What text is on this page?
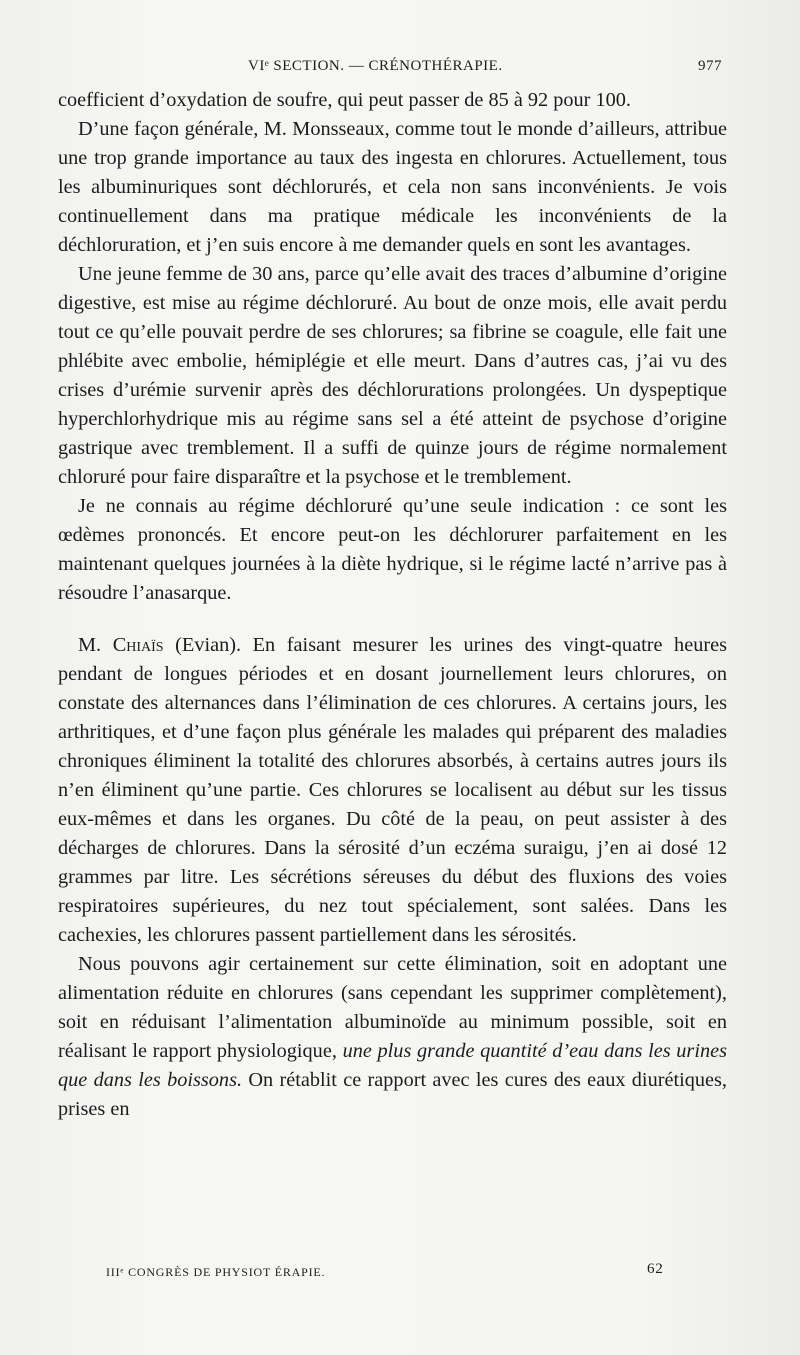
VIᵉ SECTION. — CRÉNOTHÉRAPIE.	977

coefficient d’oxydation de soufre, qui peut passer de 85 à 92 pour 100.

D’une façon générale, M. Monsseaux, comme tout le monde d’ailleurs, attribue une trop grande importance au taux des ingesta en chlorures. Actuellement, tous les albuminuriques sont déchlorurés, et cela non sans inconvénients. Je vois continuellement dans ma pratique médicale les inconvénients de la déchloruration, et j’en suis encore à me demander quels en sont les avantages.

Une jeune femme de 30 ans, parce qu’elle avait des traces d’albumine d’origine digestive, est mise au régime déchloruré. Au bout de onze mois, elle avait perdu tout ce qu’elle pouvait perdre de ses chlorures; sa fibrine se coagule, elle fait une phlébite avec embolie, hémiplégie et elle meurt. Dans d’autres cas, j’ai vu des crises d’urémie survenir après des déchlorurations prolongées. Un dyspeptique hyperchlorhydrique mis au régime sans sel a été atteint de psychose d’origine gastrique avec tremblement. Il a suffi de quinze jours de régime normalement chloruré pour faire disparaître et la psychose et le tremblement.

Je ne connais au régime déchloruré qu’une seule indication : ce sont les œdèmes prononcés. Et encore peut-on les déchlorurer parfaitement en les maintenant quelques journées à la diète hydrique, si le régime lacté n’arrive pas à résoudre l’anasarque.

M. Chiaïs (Evian). En faisant mesurer les urines des vingt-quatre heures pendant de longues périodes et en dosant journellement leurs chlorures, on constate des alternances dans l’élimination de ces chlorures. A certains jours, les arthritiques, et d’une façon plus générale les malades qui préparent des maladies chroniques éliminent la totalité des chlorures absorbés, à certains autres jours ils n’en éliminent qu’une partie. Ces chlorures se localisent au début sur les tissus eux-mêmes et dans les organes. Du côté de la peau, on peut assister à des décharges de chlorures. Dans la sérosité d’un eczéma suraigu, j’en ai dosé 12 grammes par litre. Les sécrétions séreuses du début des fluxions des voies respiratoires supérieures, du nez tout spécialement, sont salées. Dans les cachexies, les chlorures passent partiellement dans les sérosités.

Nous pouvons agir certainement sur cette élimination, soit en adoptant une alimentation réduite en chlorures (sans cependant les supprimer complètement), soit en réduisant l’alimentation albuminoïde au minimum possible, soit en réalisant le rapport physiologique, une plus grande quantité d’eau dans les urines que dans les boissons. On rétablit ce rapport avec les cures des eaux diurétiques, prises en

IIIᵉ CONGRÈS DE PHYSIOT ÉRAPIE.	62
